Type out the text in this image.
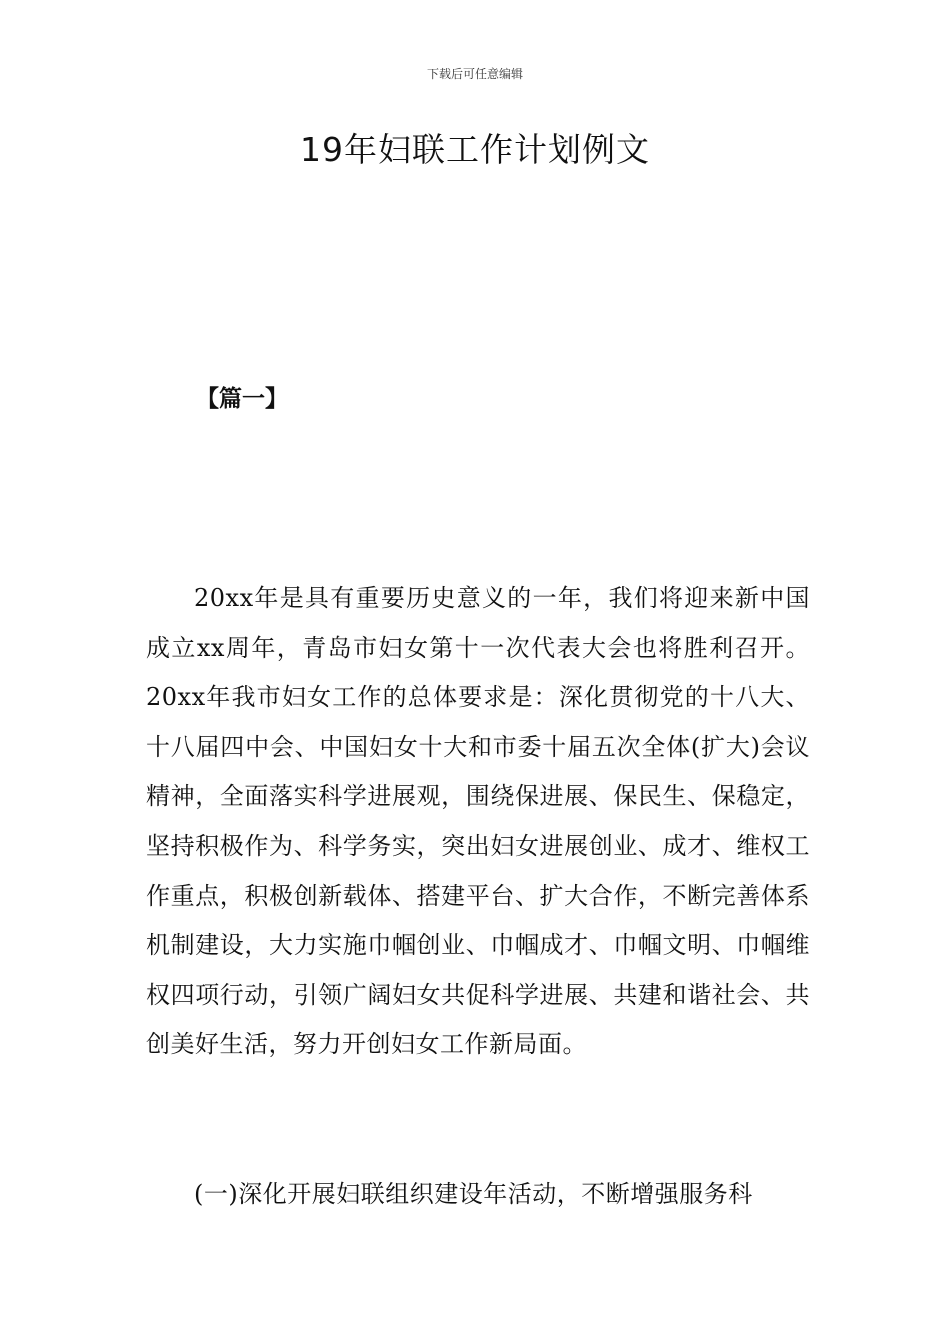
下载后可任意编辑
19年妇联工作计划例文
【篇一】

20xx年是具有重要历史意义的一年，我们将迎来新中国成立xx周年，青岛市妇女第十一次代表大会也将胜利召开。20xx年我市妇女工作的总体要求是：深化贯彻党的十八大、十八届四中会、中国妇女十大和市委十届五次全体(扩大)会议精神，全面落实科学进展观，围绕保进展、保民生、保稳定，坚持积极作为、科学务实，突出妇女进展创业、成才、维权工作重点，积极创新载体、搭建平台、扩大合作，不断完善体系机制建设，大力实施巾帼创业、巾帼成才、巾帼文明、巾帼维权四项行动，引领广阔妇女共促科学进展、共建和谐社会、共创美好生活，努力开创妇女工作新局面。

(一)深化开展妇联组织建设年活动，不断增强服务科
